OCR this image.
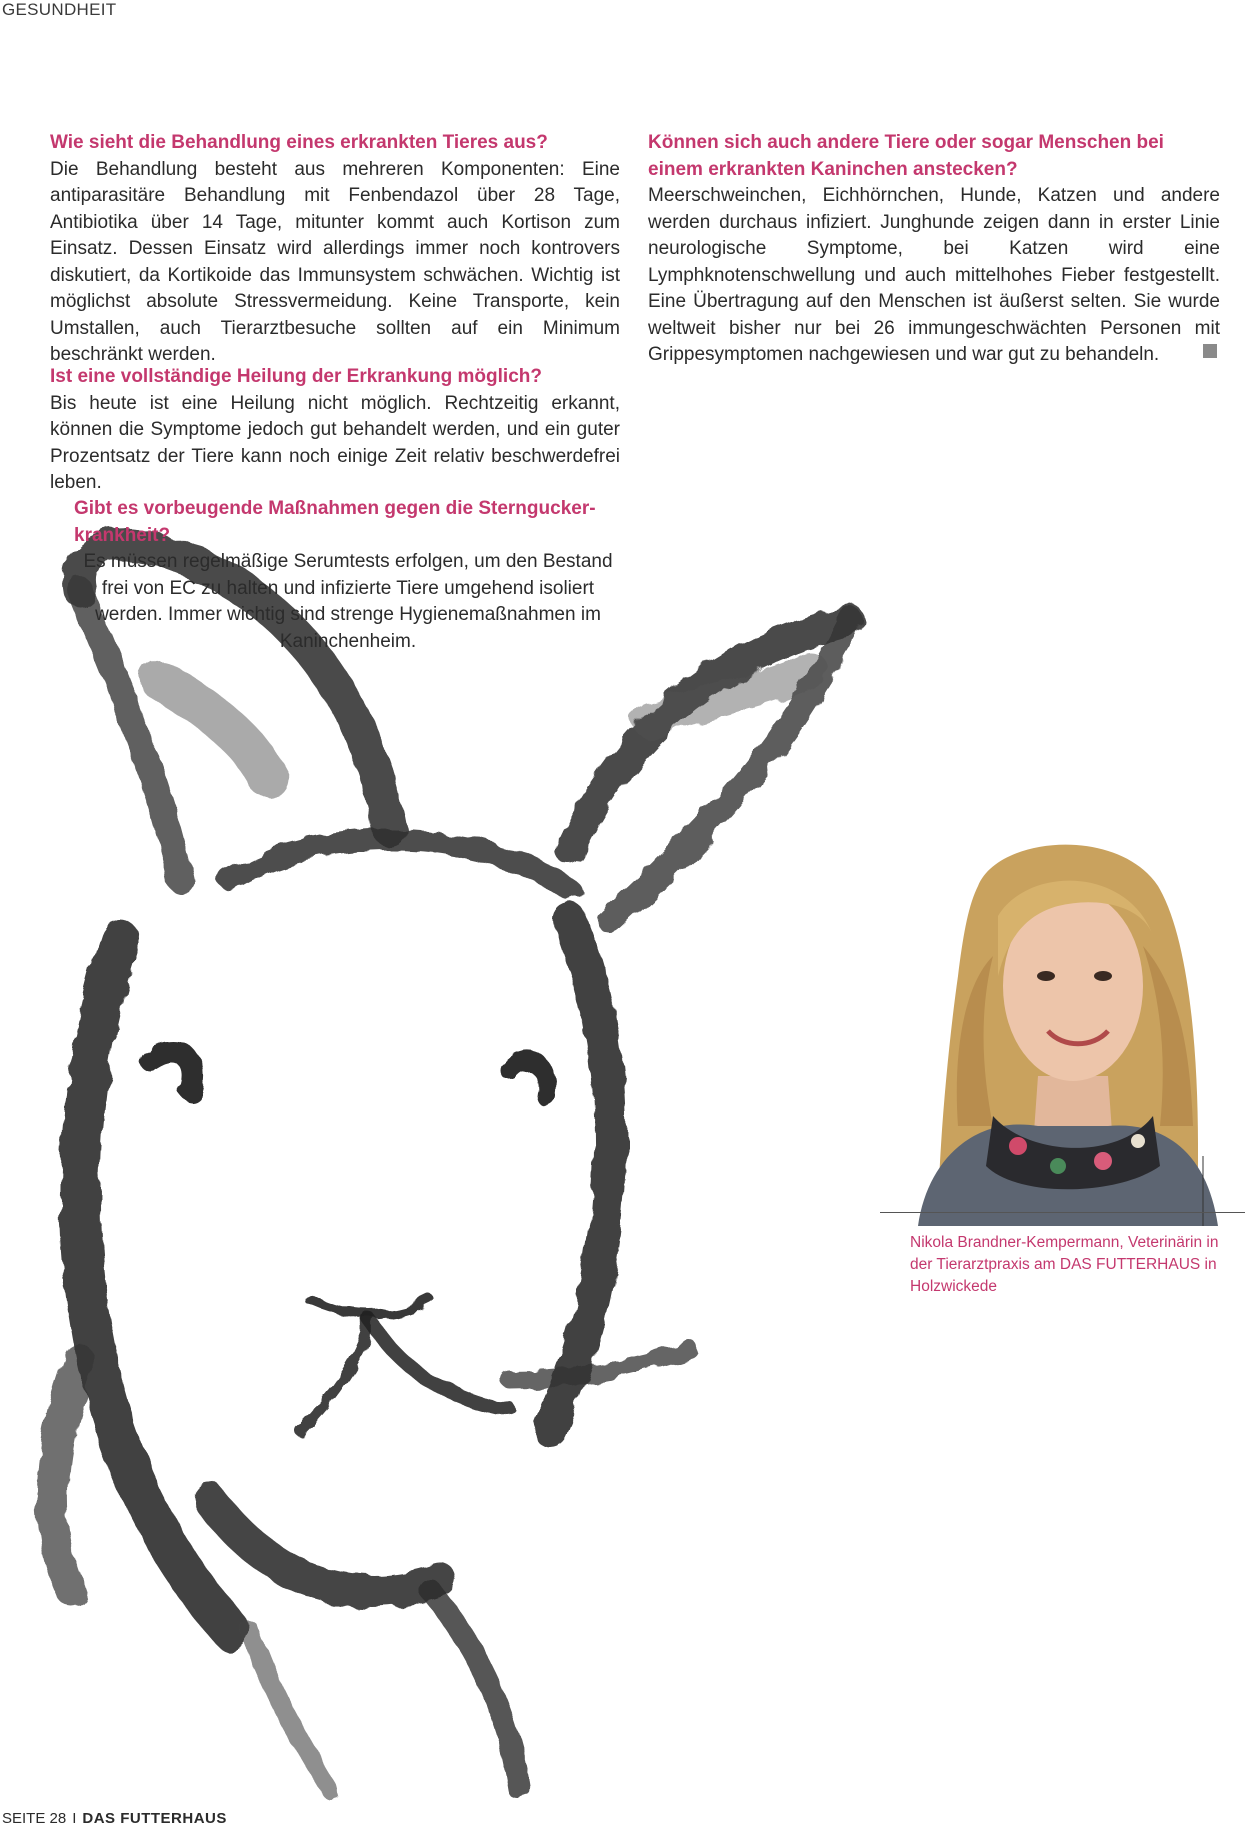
GESUNDHEIT

Wie sieht die Behandlung eines erkrankten Tieres aus?

Die Behandlung besteht aus mehreren Komponenten: Eine antiparasitäre Behandlung mit Fenbendazol über 28 Tage, Antibiotika über 14 Tage, mitunter kommt auch Kortison zum Einsatz. Dessen Einsatz wird allerdings immer noch kontrovers diskutiert, da Kortikoide das Immunsystem schwächen. Wichtig ist möglichst absolute Stressvermeidung. Keine Transporte, kein Umstallen, auch Tierarztbesuche sollten auf ein Minimum beschränkt werden.

Ist eine vollständige Heilung der Erkrankung möglich?

Bis heute ist eine Heilung nicht möglich. Rechtzeitig erkannt, können die Symptome jedoch gut behandelt werden, und ein guter Prozentsatz der Tiere kann noch einige Zeit relativ beschwerdefrei leben.

Können sich auch andere Tiere oder sogar Menschen bei einem erkrankten Kaninchen anstecken?

Meerschweinchen, Eichhörnchen, Hunde, Katzen und andere werden durchaus infiziert. Junghunde zeigen dann in erster Linie neurologische Symptome, bei Katzen wird eine Lymphknotenschwellung und auch mittelhohes Fieber festgestellt. Eine Übertragung auf den Menschen ist äußerst selten. Sie wurde weltweit bisher nur bei 26 immungeschwächten Personen mit Grippesymptomen nachgewiesen und war gut zu behandeln.

Nikola Brandner-Kempermann, Veterinärin in der Tierarztpraxis am DAS FUTTERHAUS in Holzwickede

Gibt es vorbeugende Maßnahmen gegen die Sternguckerkrankheit?

Es müssen regelmäßige Serumtests erfolgen, um den Bestand frei von EC zu halten und infizierte Tiere umgehend isoliert werden. Immer wichtig sind strenge Hygienemaßnahmen im Kaninchenheim.

SEITE 28 I DAS FUTTERHAUS
